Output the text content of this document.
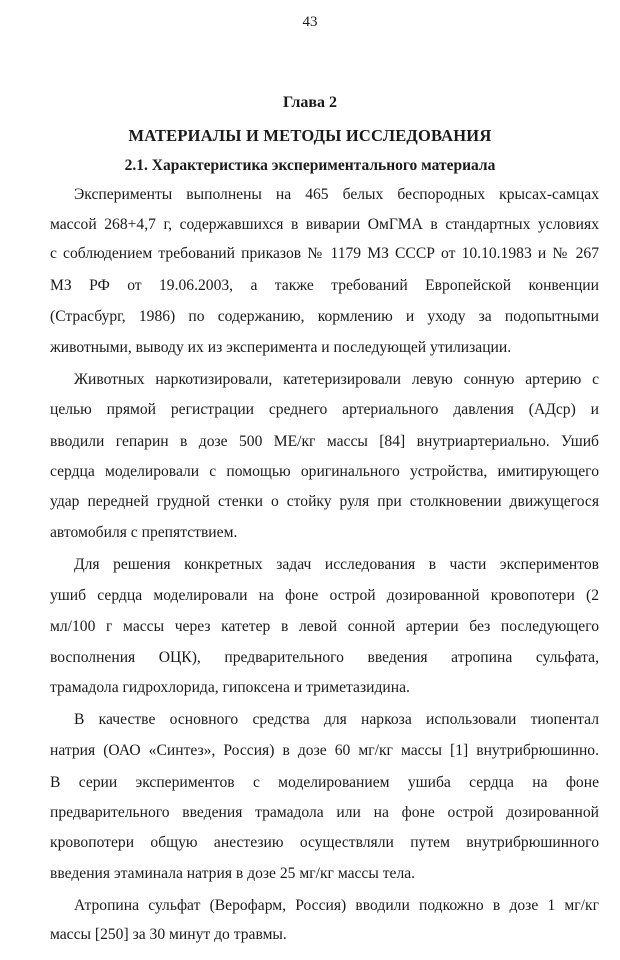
43
Глава 2
МАТЕРИАЛЫ И МЕТОДЫ ИССЛЕДОВАНИЯ
2.1. Характеристика экспериментального материала
Эксперименты выполнены на 465 белых беспородных крысах-самцах
массой 268+4,7 г, содержавшихся в виварии ОмГМА в стандартных условиях
с соблюдением требований приказов № 1179 МЗ СССР от 10.10.1983 и № 267
МЗ РФ от 19.06.2003, а также требований Европейской конвенции
(Страсбург, 1986) по содержанию, кормлению и уходу за подопытными
животными, выводу их из эксперимента и последующей утилизации.
Животных наркотизировали, катетеризировали левую сонную артерию с
целью прямой регистрации среднего артериального давления (АДср) и
вводили гепарин в дозе 500 МЕ/кг массы [84] внутриартериально. Ушиб
сердца моделировали с помощью оригинального устройства, имитирующего
удар передней грудной стенки о стойку руля при столкновении движущегося
автомобиля с препятствием.
Для решения конкретных задач исследования в части экспериментов
ушиб сердца моделировали на фоне острой дозированной кровопотери (2
мл/100 г массы через катетер в левой сонной артерии без последующего
восполнения ОЦК), предварительного введения атропина сульфата,
трамадола гидрохлорида, гипоксена и триметазидина.
В качестве основного средства для наркоза использовали тиопентал
натрия (ОАО «Синтез», Россия) в дозе 60 мг/кг массы [1] внутрибрюшинно.
В серии экспериментов с моделированием ушиба сердца на фоне
предварительного введения трамадола или на фоне острой дозированной
кровопотери общую анестезию осуществляли путем внутрибрюшинного
введения этаминала натрия в дозе 25 мг/кг массы тела.
Атропина сульфат (Верофарм, Россия) вводили подкожно в дозе 1 мг/кг
массы [250] за 30 минут до травмы.
